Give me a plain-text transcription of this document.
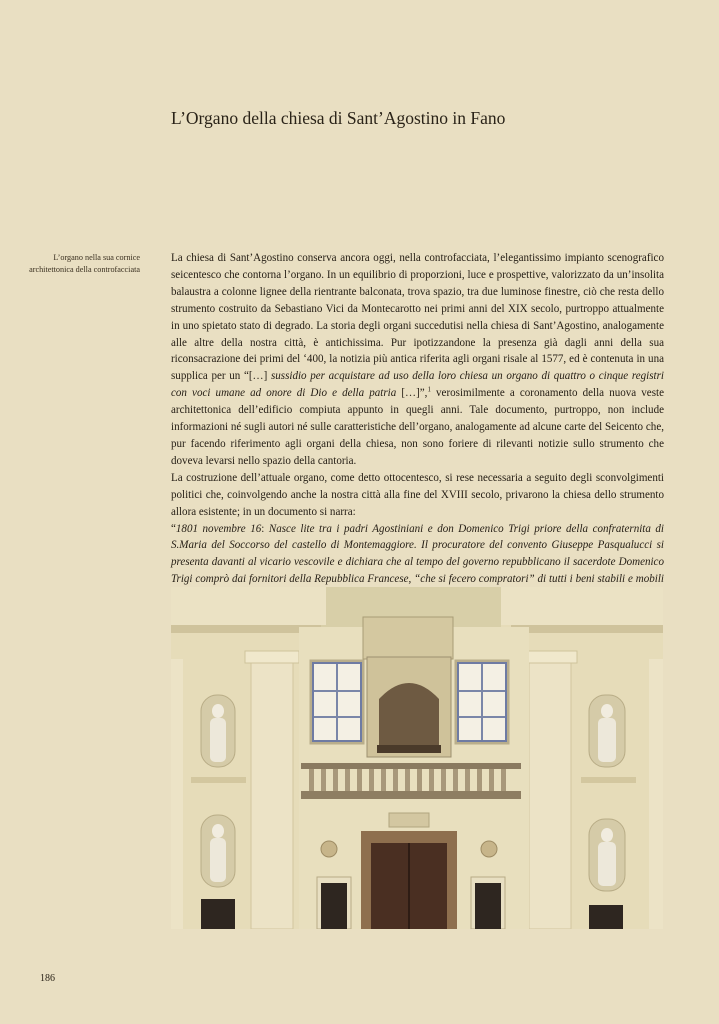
L’Organo della chiesa di Sant’Agostino in Fano
L’organo nella sua cornice architettonica della controfacciata

La chiesa di Sant’Agostino conserva ancora oggi, nella controfacciata, l’elegantissimo impianto scenografico seicentesco che contorna l’organo. In un equilibrio di proporzioni, luce e prospettive, valorizzato da un’insolita balaustra a colonne lignee della rientrante balconata, trova spazio, tra due luminose finestre, ciò che resta dello strumento costruito da Sebastiano Vici da Montecarotto nei primi anni del XIX secolo, purtroppo attualmente in uno spietato stato di degrado. La storia degli organi succedutisi nella chiesa di Sant’Agostino, analogamente alle altre della nostra città, è antichissima. Pur ipotizzandone la presenza già dagli anni della sua riconsacrazione dei primi del ‘400, la notizia più antica riferita agli organi risale al 1577, ed è contenuta in una supplica per un “[…] sussidio per acquistare ad uso della loro chiesa un organo di quattro o cinque registri con voci umane ad onore di Dio e della patria […]”,$^1$ verosimilmente a coronamento della nuova veste architettonica dell’edificio compiuta appunto in quegli anni. Tale documento, purtroppo, non include informazioni né sugli autori né sulle caratteristiche dell’organo, analogamente ad alcune carte del Seicento che, pur facendo riferimento agli organi della chiesa, non sono foriere di rilevanti notizie sullo strumento che doveva levarsi nello spazio della cantoria.

La costruzione dell’attuale organo, come detto ottocentesco, si rese necessaria a seguito degli sconvolgimenti politici che, coinvolgendo anche la nostra città alla fine del XVIII secolo, privarono la chiesa dello strumento allora esistente; in un documento si narra:

“1801 novembre 16: Nasce lite tra i padri Agostiniani e don Domenico Trigi priore della confraternita di S.Maria del Soccorso del castello di Montemaggiore. Il procuratore del convento Giuseppe Pasqualucci si presenta davanti al vicario vescovile e dichiara che al tempo del governo repubblicano il sacerdote Domenico Trigi comprò dai fornitori della Repubblica Francese, “che si fecero compratori” di tutti i beni stabili e mobili

186
